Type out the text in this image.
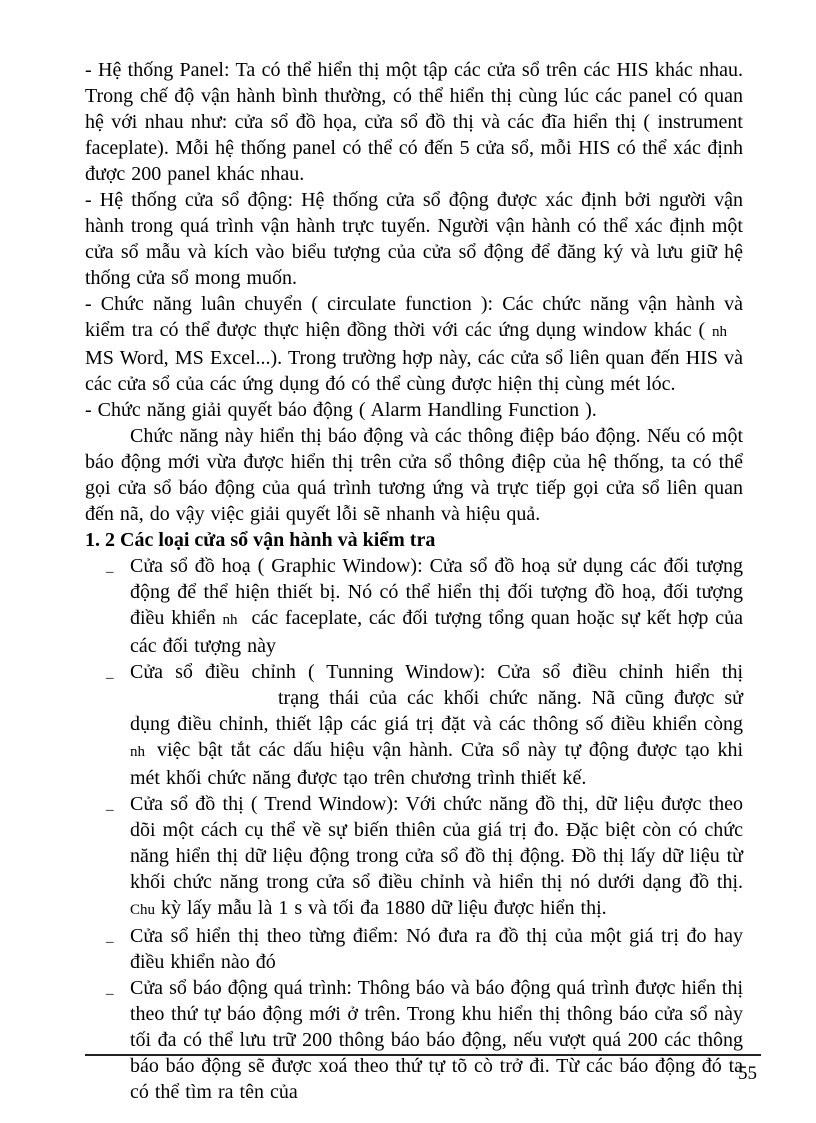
- Hệ thống Panel: Ta có thể hiển thị một tập các cửa sổ trên các HIS khác nhau. Trong chế độ vận hành bình thường, có thể hiển thị cùng lúc các panel có quan hệ với nhau như: cửa sổ đồ họa, cửa sổ đồ thị và các đĩa hiển thị ( instrument faceplate). Mỗi hệ thống panel có thể có đến 5 cửa sổ, mỗi HIS có thể xác định được 200 panel khác nhau.

- Hệ thống cửa sổ động: Hệ thống cửa sổ động được xác định bởi người vận hành trong quá trình vận hành trực tuyến. Người vận hành có thể xác định một cửa sổ mẫu và kích vào biểu tượng của cửa sổ động để đăng ký và lưu giữ hệ thống cửa sổ mong muốn.

- Chức năng luân chuyển ( circulate function ): Các chức năng vận hành và kiểm tra có thể được thực hiện đồng thời với các ứng dụng window khác ( nhMS Word, MS Excel...). Trong trường hợp này, các cửa sổ liên quan đến HIS và các cửa sổ của các ứng dụng đó có thể cùng được hiện thị cùng mét lóc.

- Chức năng giải quyết báo động ( Alarm Handling Function ).

Chức năng này hiển thị báo động và các thông điệp báo động. Nếu có một báo động mới vừa được hiển thị trên cửa sổ thông điệp của hệ thống, ta có thể gọi cửa sổ báo động của quá trình tương ứng và trực tiếp gọi cửa sổ liên quan đến nã, do vậy việc giải quyết lỗi sẽ nhanh và hiệu quả.

1. 2 Các loại cửa sổ vận hành và kiểm tra
– Cửa sổ đồ hoạ ( Graphic Window): Cửa sổ đồ hoạ sử dụng các đối tượng động để thể hiện thiết bị. Nó có thể hiển thị đối tượng đồ hoạ, đối tượng điều khiển nh các faceplate, các đối tượng tổng quan hoặc sự kết hợp của các đối tượng này
– Cửa sổ điều chỉnh ( Tunning Window): Cửa sổ điều chỉnh hiển thịtrạng thái của các khối chức năng. Nã cũng được sử dụng điều chỉnh, thiết lập các giá trị đặt và các thông số điều khiển còng nh việc bật tắt các dấu hiệu vận hành. Cửa sổ này tự động được tạo khi mét khối chức năng được tạo trên chương trình thiết kế.
– Cửa sổ đồ thị ( Trend Window): Với chức năng đồ thị, dữ liệu được theo dõi một cách cụ thể về sự biến thiên của giá trị đo. Đặc biệt còn có chức năng hiển thị dữ liệu động trong cửa sổ đồ thị động. Đồ thị lấy dữ liệu từ khối chức năng trong cửa sổ điều chỉnh và hiển thị nó dưới dạng đồ thị. Chu kỳ lấy mẫu là 1 s và tối đa 1880 dữ liệu được hiển thị.
– Cửa sổ hiển thị theo từng điểm: Nó đưa ra đồ thị của một giá trị đo hay điều khiển nào đó
– Cửa sổ báo động quá trình: Thông báo và báo động quá trình được hiển thị theo thứ tự báo động mới ở trên. Trong khu hiển thị thông báo cửa sổ này tối đa có thể lưu trữ 200 thông báo báo động, nếu vượt quá 200 các thông báo báo động sẽ được xoá theo thứ tự tõ cò trở đi. Từ các báo động đó ta có thể tìm ra tên của
55
